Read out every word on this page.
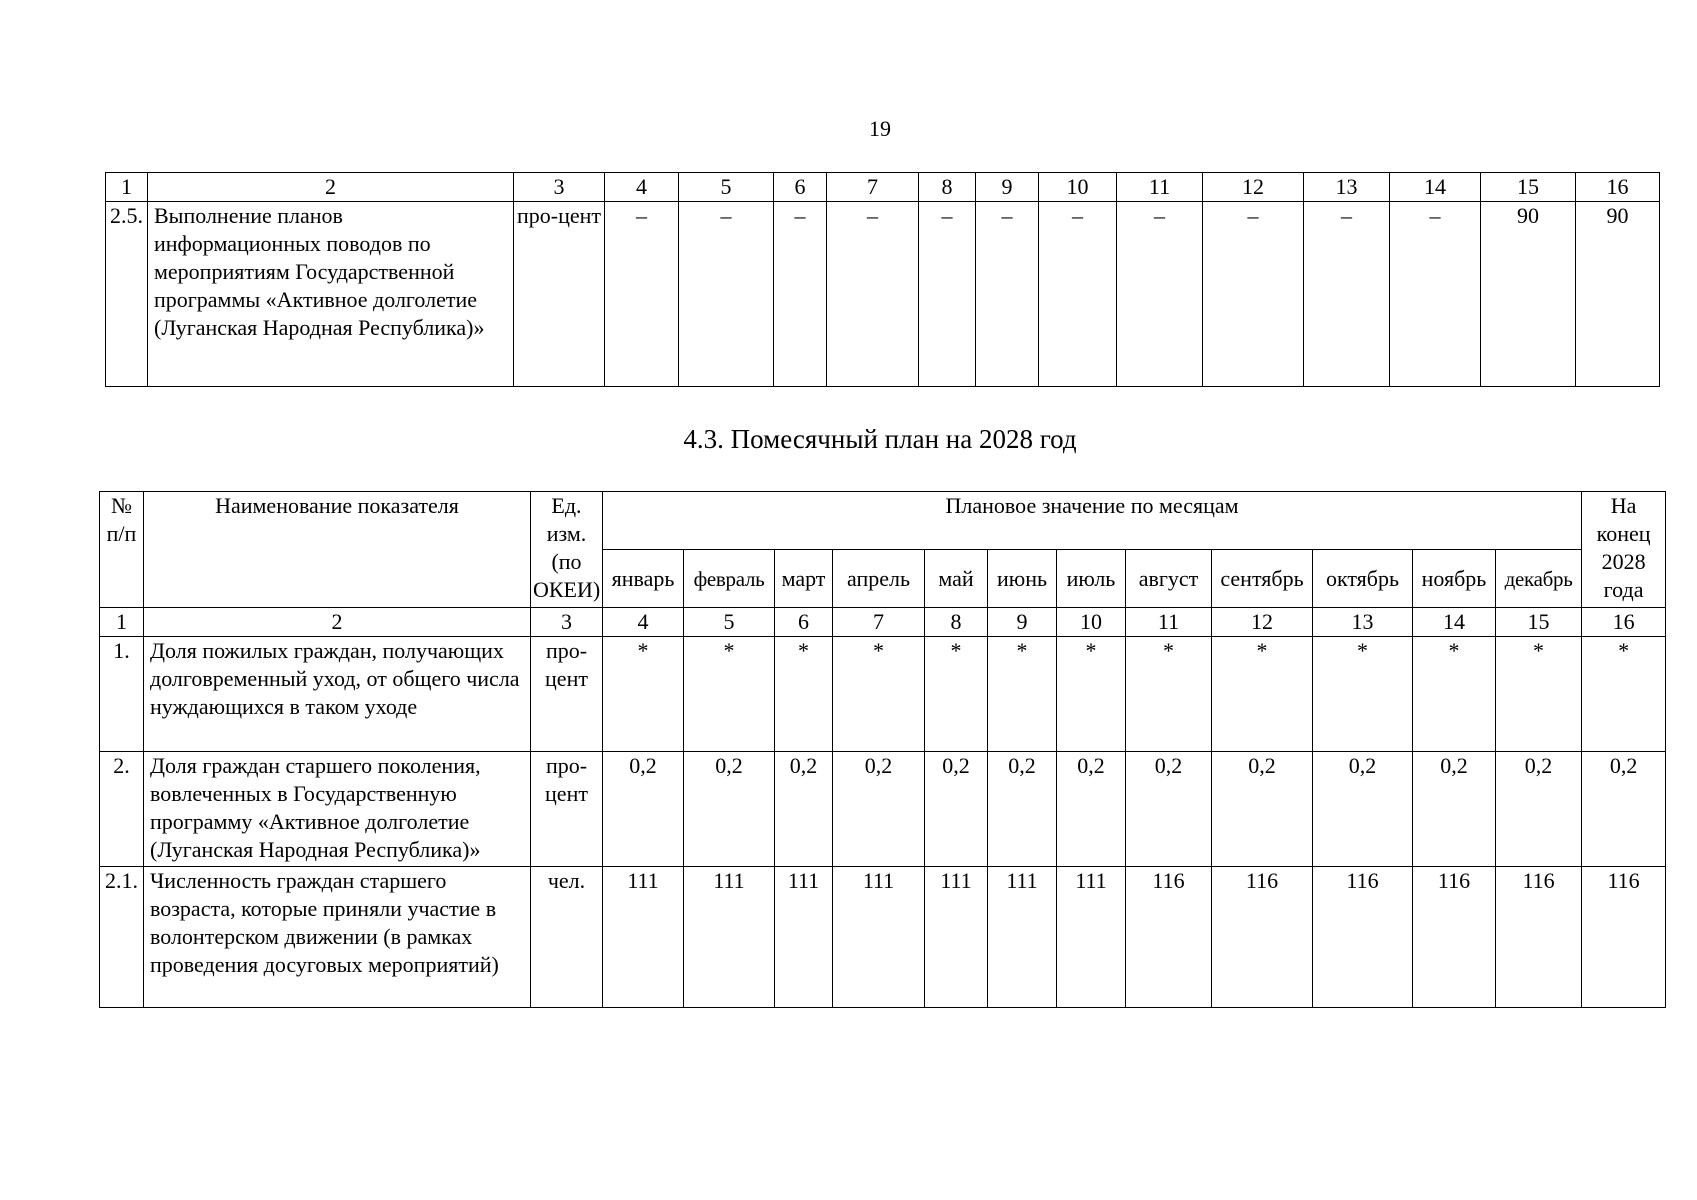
19
1	2	3	4	5	6	7	8	9	10	11	12	13	14	15	16
2.5.	Выполнение планов информационных поводов по мероприятиям Государственной программы «Активное долголетие (Луганская Народная Республика)»	про-цент	–	–	–	–	–	–	–	–	–	–	–	90	90
4.3. Помесячный план на 2028 год
№ п/п	Наименование показателя	Ед. изм. (по ОКЕИ)	Плановое значение по месяцам												На конец 2028 года
			январь	февраль	март	апрель	май	июнь	июль	август	сентябрь	октябрь	ноябрь	декабрь	
1	2	3	4	5	6	7	8	9	10	11	12	13	14	15	16
1.	Доля пожилых граждан, получающих долговременный уход, от общего числа нуждающихся в таком уходе	про-цент	*	*	*	*	*	*	*	*	*	*	*	*	*
2.	Доля граждан старшего поколения, вовлеченных в Государственную программу «Активное долголетие (Луганская Народная Республика)»	про-цент	0,2	0,2	0,2	0,2	0,2	0,2	0,2	0,2	0,2	0,2	0,2	0,2	0,2
2.1.	Численность граждан старшего возраста, которые приняли участие в волонтерском движении (в рамках проведения досуговых мероприятий)	чел.	111	111	111	111	111	111	111	116	116	116	116	116	116
